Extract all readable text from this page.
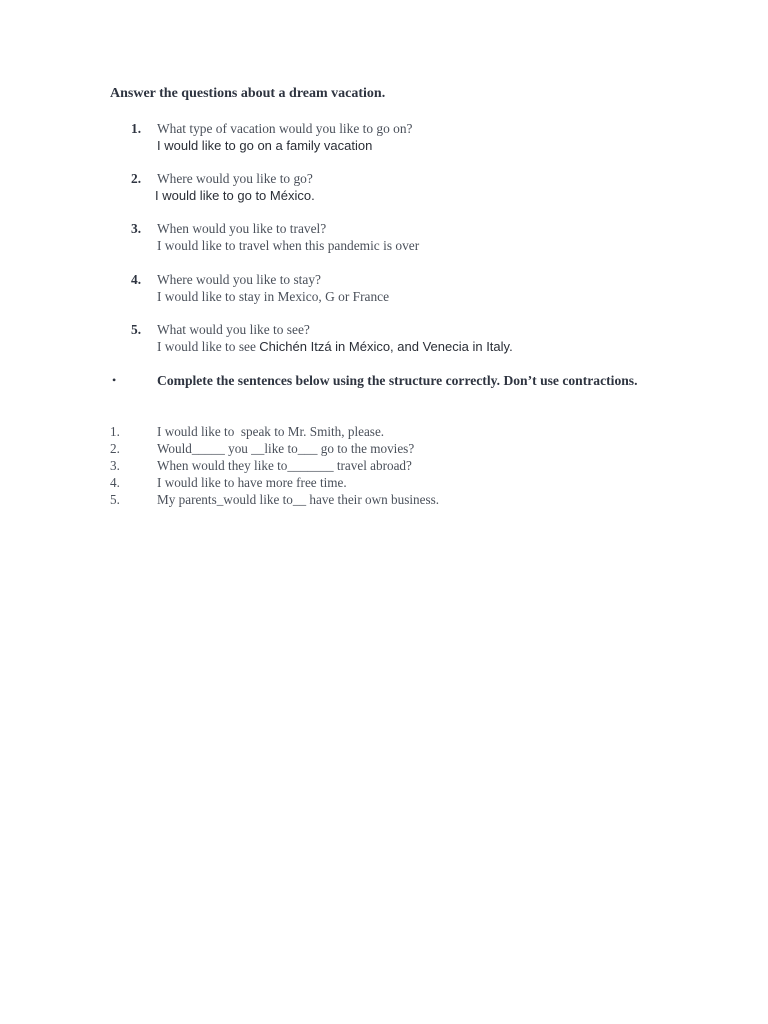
Answer the questions about a dream vacation.
1. What type of vacation would you like to go on?
I would like to go on a family vacation
2. Where would you like to go?
I would like to go to México.
3. When would you like to travel?
I would like to travel when this pandemic is over
4. Where would you like to stay?
I would like to stay in Mexico, G or France
5. What would you like to see?
I would like to see Chichén Itzá in México, and Venecia in Italy.
•	Complete the sentences below using the structure correctly. Don’t use contractions.
1.	I would like to  speak to Mr. Smith, please.
2.	Would_____ you __like to___ go to the movies?
3.	When would they like to_______ travel abroad?
4.	I would like to have more free time.
5.	My parents_would like to__ have their own business.
